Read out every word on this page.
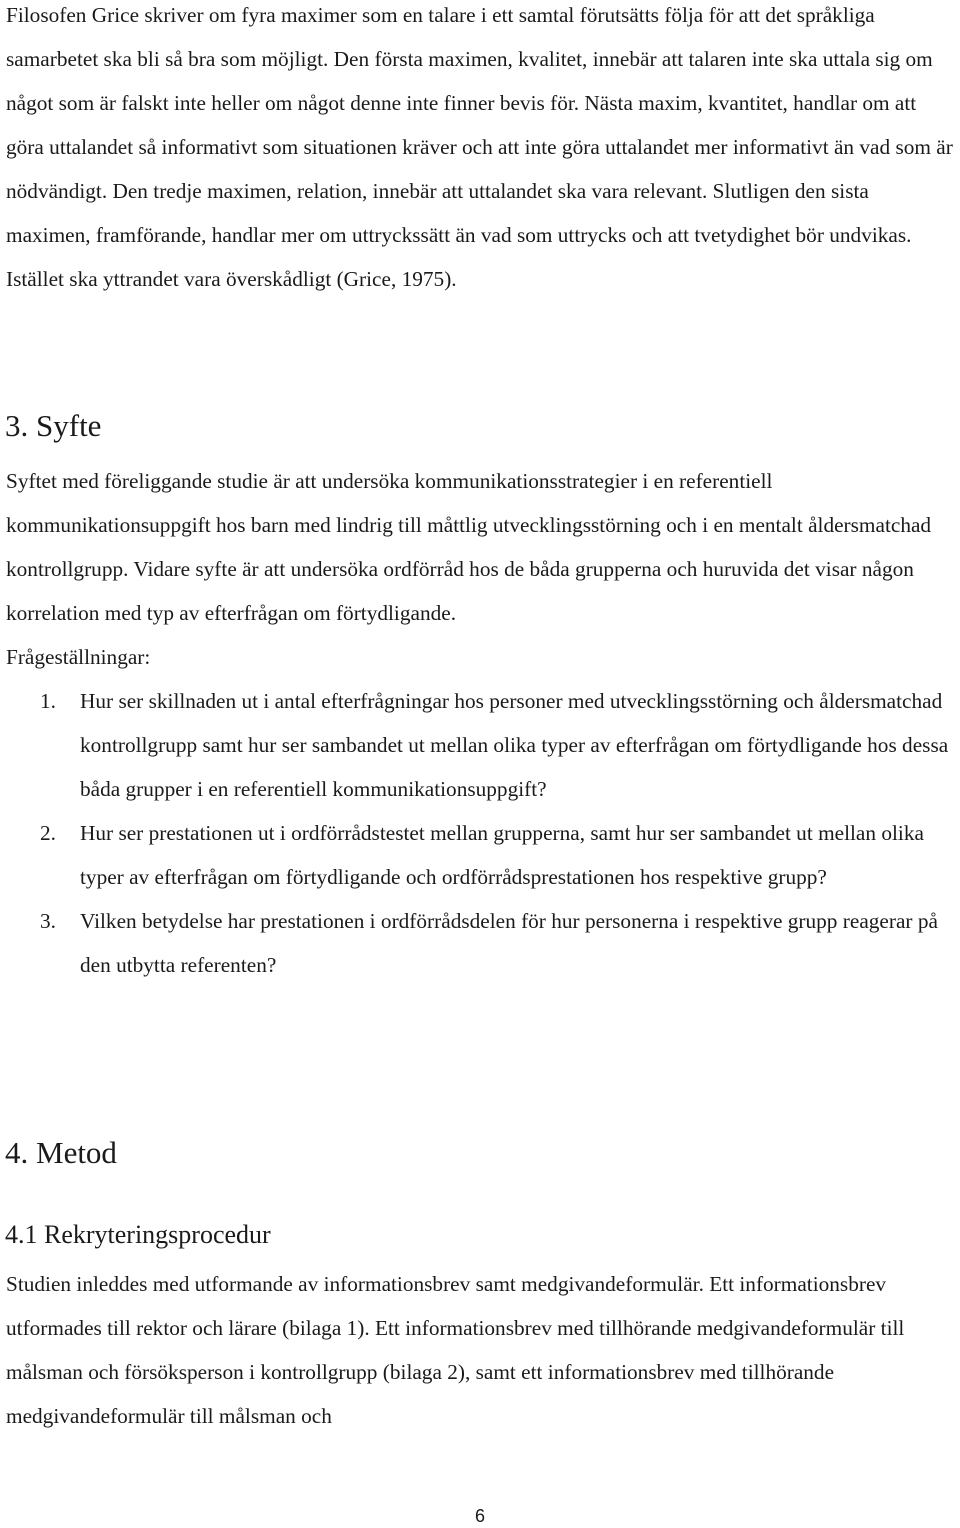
Filosofen Grice skriver om fyra maximer som en talare i ett samtal förutsätts följa för att det språkliga samarbetet ska bli så bra som möjligt. Den första maximen, kvalitet, innebär att talaren inte ska uttala sig om något som är falskt inte heller om något denne inte finner bevis för. Nästa maxim, kvantitet, handlar om att göra uttalandet så informativt som situationen kräver och att inte göra uttalandet mer informativt än vad som är nödvändigt. Den tredje maximen, relation, innebär att uttalandet ska vara relevant. Slutligen den sista maximen, framförande, handlar mer om uttryckssätt än vad som uttrycks och att tvetydighet bör undvikas. Istället ska yttrandet vara överskådligt (Grice, 1975).

3. Syfte

Syftet med föreliggande studie är att undersöka kommunikationsstrategier i en referentiell kommunikationsuppgift hos barn med lindrig till måttlig utvecklingsstörning och i en mentalt åldersmatchad kontrollgrupp. Vidare syfte är att undersöka ordförråd hos de båda grupperna och huruvida det visar någon korrelation med typ av efterfrågan om förtydligande.

Frågeställningar:

1. Hur ser skillnaden ut i antal efterfrågningar hos personer med utvecklingsstörning och åldersmatchad kontrollgrupp samt hur ser sambandet ut mellan olika typer av efterfrågan om förtydligande hos dessa båda grupper i en referentiell kommunikationsuppgift?
2. Hur ser prestationen ut i ordförrådstestet mellan grupperna, samt hur ser sambandet ut mellan olika typer av efterfrågan om förtydligande och ordförrådsprestationen hos respektive grupp?
3. Vilken betydelse har prestationen i ordförrådsdelen för hur personerna i respektive grupp reagerar på den utbytta referenten?
4. Metod
4.1 Rekryteringsprocedur

Studien inleddes med utformande av informationsbrev samt medgivandeformulär. Ett informationsbrev utformades till rektor och lärare (bilaga 1). Ett informationsbrev med tillhörande medgivandeformulär till målsman och försöksperson i kontrollgrupp (bilaga 2), samt ett informationsbrev med tillhörande medgivandeformulär till målsman och

6
